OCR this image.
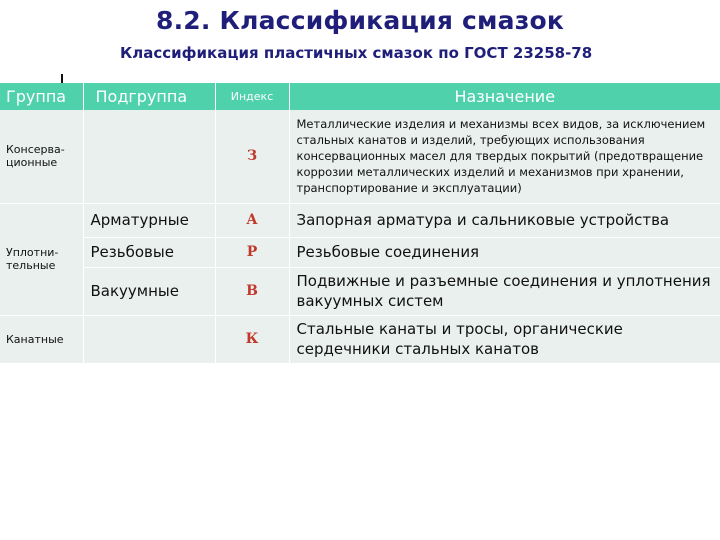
8.2. Классификация смазок
Классификация пластичных смазок по ГОСТ 23258-78
Группа	Подгруппа	Индекс	Назначение
Консерва-ционные		З	Металлические изделия и механизмы всех видов, за исключением стальных канатов и изделий, требующих использования консервационных масел для твердых покрытий (предотвращение коррозии металлических изделий и механизмов при хранении, транспортирование и эксплуатации)
Уплотни-тельные	Арматурные	А	Запорная арматура и сальниковые устройства
	Резьбовые	Р	Резьбовые соединения
	Вакуумные	В	Подвижные и разъемные соединения и уплотнения вакуумных систем
Канатные		К	Стальные канаты и тросы, органические сердечники стальных канатов
